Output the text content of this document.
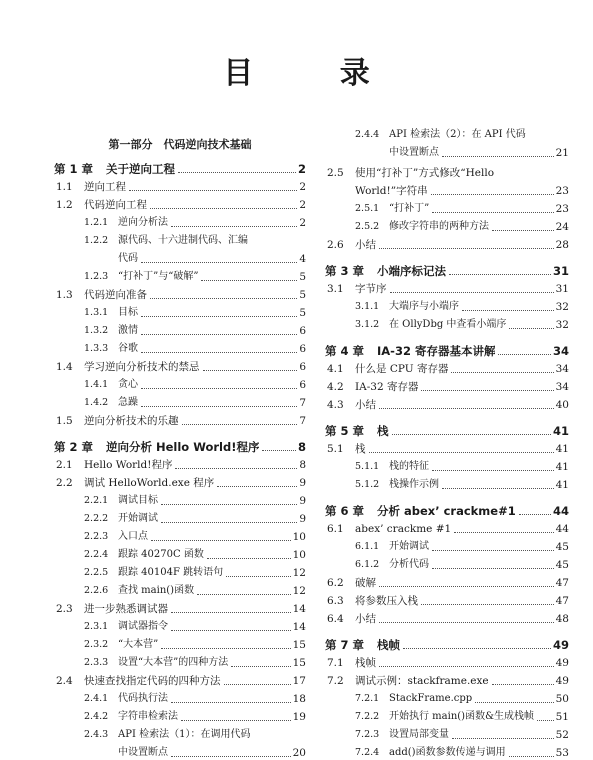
目 录
第一部分　代码逆向技术基础
第 1 章	关于逆向工程	2
1.1	逆向工程	2
1.2	代码逆向工程	2
1.2.1 逆向分析法	2
1.2.2 源代码、十六进制代码、汇编
代码	4
1.2.3 “打补丁”与“破解”	5
1.3	代码逆向准备	5
1.3.1 目标	5
1.3.2 激情	6
1.3.3 谷歌	6
1.4	学习逆向分析技术的禁忌	6
1.4.1 贪心	6
1.4.2 急躁	7
1.5	逆向分析技术的乐趣	7
第 2 章	逆向分析 Hello World!程序	8
2.1	Hello World!程序	8
2.2	调试 HelloWorld.exe 程序	9
2.2.1 调试目标	9
2.2.2 开始调试	9
2.2.3 入口点	10
2.2.4 跟踪 40270C 函数	10
2.2.5 跟踪 40104F 跳转语句	12
2.2.6 查找 main()函数	12
2.3	进一步熟悉调试器	14
2.3.1 调试器指令	14
2.3.2 “大本营”	15
2.3.3 设置“大本营”的四种方法	15
2.4	快速查找指定代码的四种方法	17
2.4.1 代码执行法	18
2.4.2 字符串检索法	19
2.4.3 API 检索法（1）：在调用代码
中设置断点	20
2.4.4 API 检索法（2）：在 API 代码
中设置断点	21
2.5	使用“打补丁”方式修改“Hello
World!”字符串	23
2.5.1 “打补丁”	23
2.5.2 修改字符串的两种方法	24
2.6	小结	28
第 3 章	小端序标记法	31
3.1	字节序	31
3.1.1 大端序与小端序	32
3.1.2 在 OllyDbg 中查看小端序	32
第 4 章	IA-32 寄存器基本讲解	34
4.1	什么是 CPU 寄存器	34
4.2	IA-32 寄存器	34
4.3	小结	40
第 5 章	栈	41
5.1	栈	41
5.1.1 栈的特征	41
5.1.2 栈操作示例	41
第 6 章	分析 abex’ crackme#1	44
6.1	abex’ crackme #1	44
6.1.1 开始调试	45
6.1.2 分析代码	45
6.2	破解	47
6.3	将参数压入栈	47
6.4	小结	48
第 7 章	栈帧	49
7.1	栈帧	49
7.2	调试示例：stackframe.exe	49
7.2.1 StackFrame.cpp	50
7.2.2 开始执行 main()函数&生成栈帧 51
7.2.3 设置局部变量	52
7.2.4 add()函数参数传递与调用	53
